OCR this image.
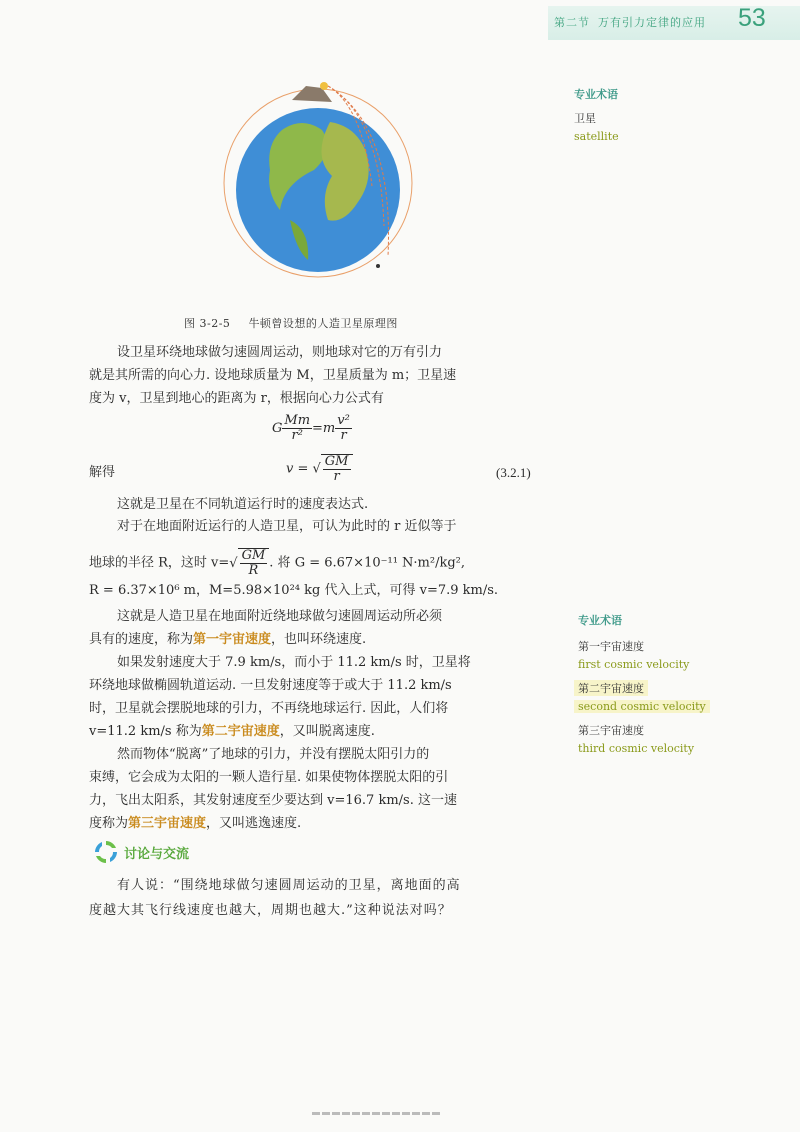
第二节 万有引力定律的应用 53
图 3-2-5 牛顿曾设想的人造卫星原理图
设卫星环绕地球做匀速圆周运动，则地球对它的万有引力
就是其所需的向心力. 设地球质量为 M，卫星质量为 m；卫星速
度为 v，卫星到地心的距离为 r，根据向心力公式有
G $\frac{Mm}{\text{r²}} =m \frac{\text{v²}}{r}$
解得	v = √ $\frac{GM}{r}$	(3.2.1)
这就是卫星在不同轨道运行时的速度表达式.
对于在地面附近运行的人造卫星，可认为此时的 r 近似等于
地球的半径 R，这时 $v=√ \frac{GM}{R}$ . 将 G = 6.67×10⁻¹¹ N·m²/kg²,
R = 6.37×10⁶ m，M=5.98×10²⁴ kg 代入上式，可得 v=7.9 km/s.
这就是人造卫星在地面附近绕地球做匀速圆周运动所必须
具有的速度，称为第一宇宙速度，也叫环绕速度.
如果发射速度大于 7.9 km/s，而小于 11.2 km/s 时，卫星将
环绕地球做椭圆轨道运动. 一旦发射速度等于或大于 11.2 km/s
时，卫星就会摆脱地球的引力，不再绕地球运行. 因此，人们将
v=11.2 km/s 称为第二宇宙速度，又叫脱离速度.
然而物体“脱离”了地球的引力，并没有摆脱太阳引力的
束缚，它会成为太阳的一颗人造行星. 如果使物体摆脱太阳的引
力，飞出太阳系，其发射速度至少要达到 v=16.7 km/s. 这一速
度称为第三宇宙速度，又叫逃逸速度.
讨论与交流
有人说：“围绕地球做匀速圆周运动的卫星，离地面的高
度越大其飞行线速度也越大，周期也越大.”这种说法对吗？
专业术语
卫星
satellite
专业术语
第一宇宙速度
first cosmic velocity
第二宇宙速度
second cosmic velocity
第三宇宙速度
third cosmic velocity
